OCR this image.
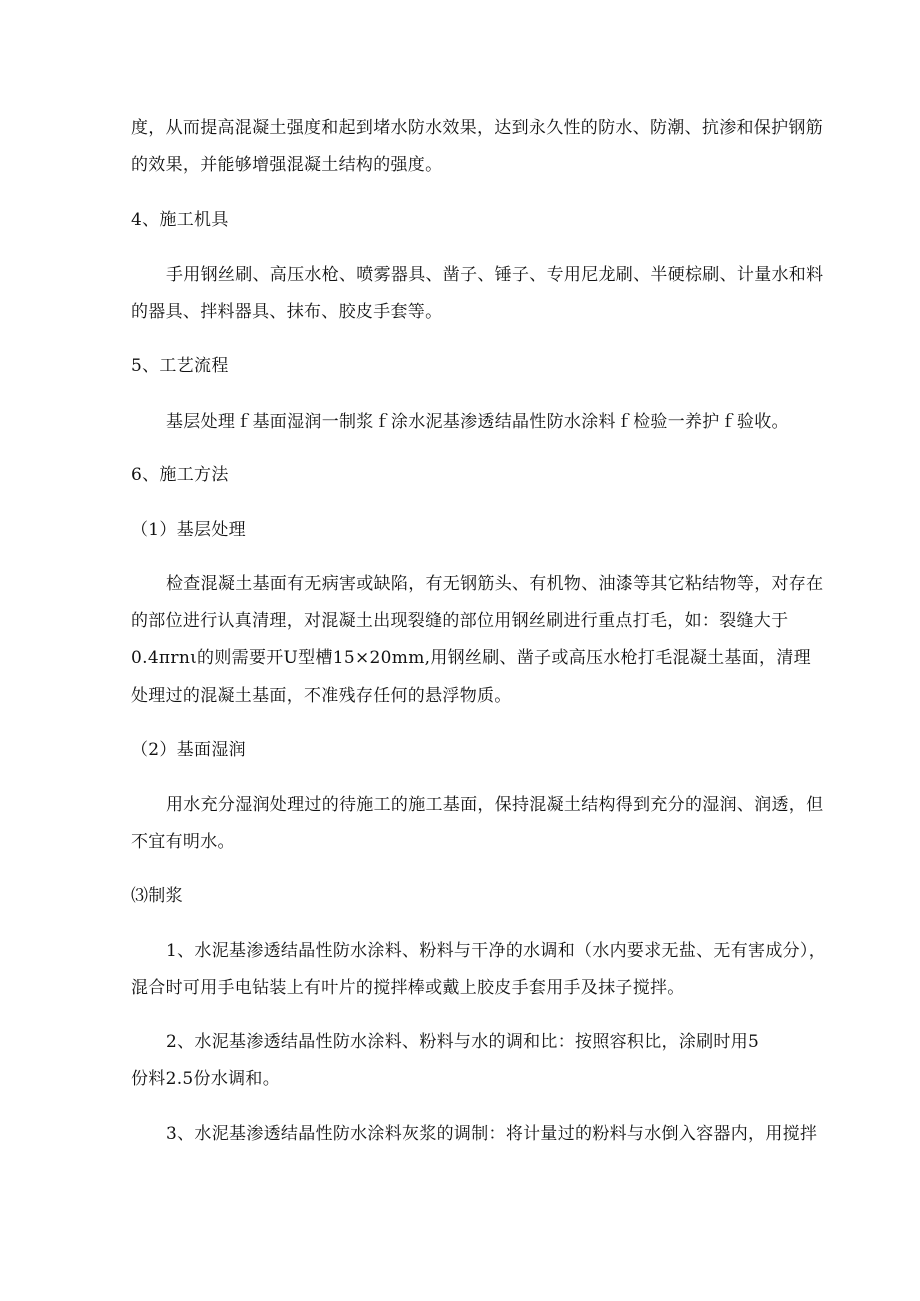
度，从而提高混凝土强度和起到堵水防水效果，达到永久性的防水、防潮、抗渗和保护钢筋
的效果，并能够增强混凝土结构的强度。
4、施工机具
手用钢丝刷、高压水枪、喷雾器具、凿子、锤子、专用尼龙刷、半硬棕刷、计量水和料
的器具、拌料器具、抹布、胶皮手套等。
5、工艺流程
基层处理ｆ基面湿润一制浆ｆ涂水泥基渗透结晶性防水涂料ｆ检验一养护ｆ验收。
6、施工方法
（1）基层处理
检查混凝土基面有无病害或缺陷，有无钢筋头、有机物、油漆等其它粘结物等，对存在
的部位进行认真清理，对混凝土出现裂缝的部位用钢丝刷进行重点打毛，如：裂缝大于
0.4πrnι的则需要开U型槽15×20mm,用钢丝刷、凿子或高压水枪打毛混凝土基面，清理
处理过的混凝土基面，不准残存任何的悬浮物质。
（2）基面湿润
用水充分湿润处理过的待施工的施工基面，保持混凝土结构得到充分的湿润、润透，但
不宜有明水。
⑶制浆
1、水泥基渗透结晶性防水涂料、粉料与干净的水调和（水内要求无盐、无有害成分），
混合时可用手电钻装上有叶片的搅拌棒或戴上胶皮手套用手及抹子搅拌。
2、水泥基渗透结晶性防水涂料、粉料与水的调和比：按照容积比，涂刷时用5
份料2.5份水调和。
3、水泥基渗透结晶性防水涂料灰浆的调制：将计量过的粉料与水倒入容器内，用搅拌
